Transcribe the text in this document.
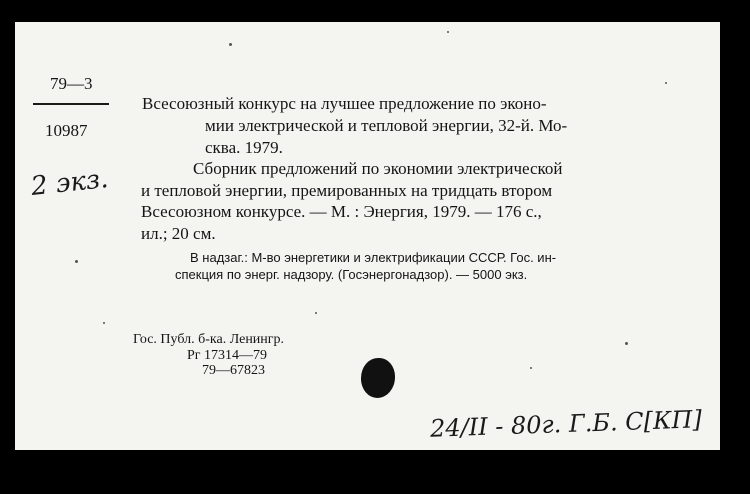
79—3
10987
2 экз.
Всесоюзный конкурс на лучшее предложение по эконо-
мии электрической и тепловой энергии, 32-й. Мо-
сква. 1979.
Сборник предложений по экономии электрической
и тепловой энергии, премированных на тридцать втором
Всесоюзном конкурсе. — М. : Энергия, 1979. — 176 с.,
ил.; 20 см.
В надзаг.: М-во энергетики и электрификации СССР. Гос. ин-
спекция по энерг. надзору. (Госэнергонадзор). — 5000 экз.
Гос. Публ. б-ка. Ленингр.
Рг 17314—79
79—67823
24/II - 80г. Г.Б. С[КП]
